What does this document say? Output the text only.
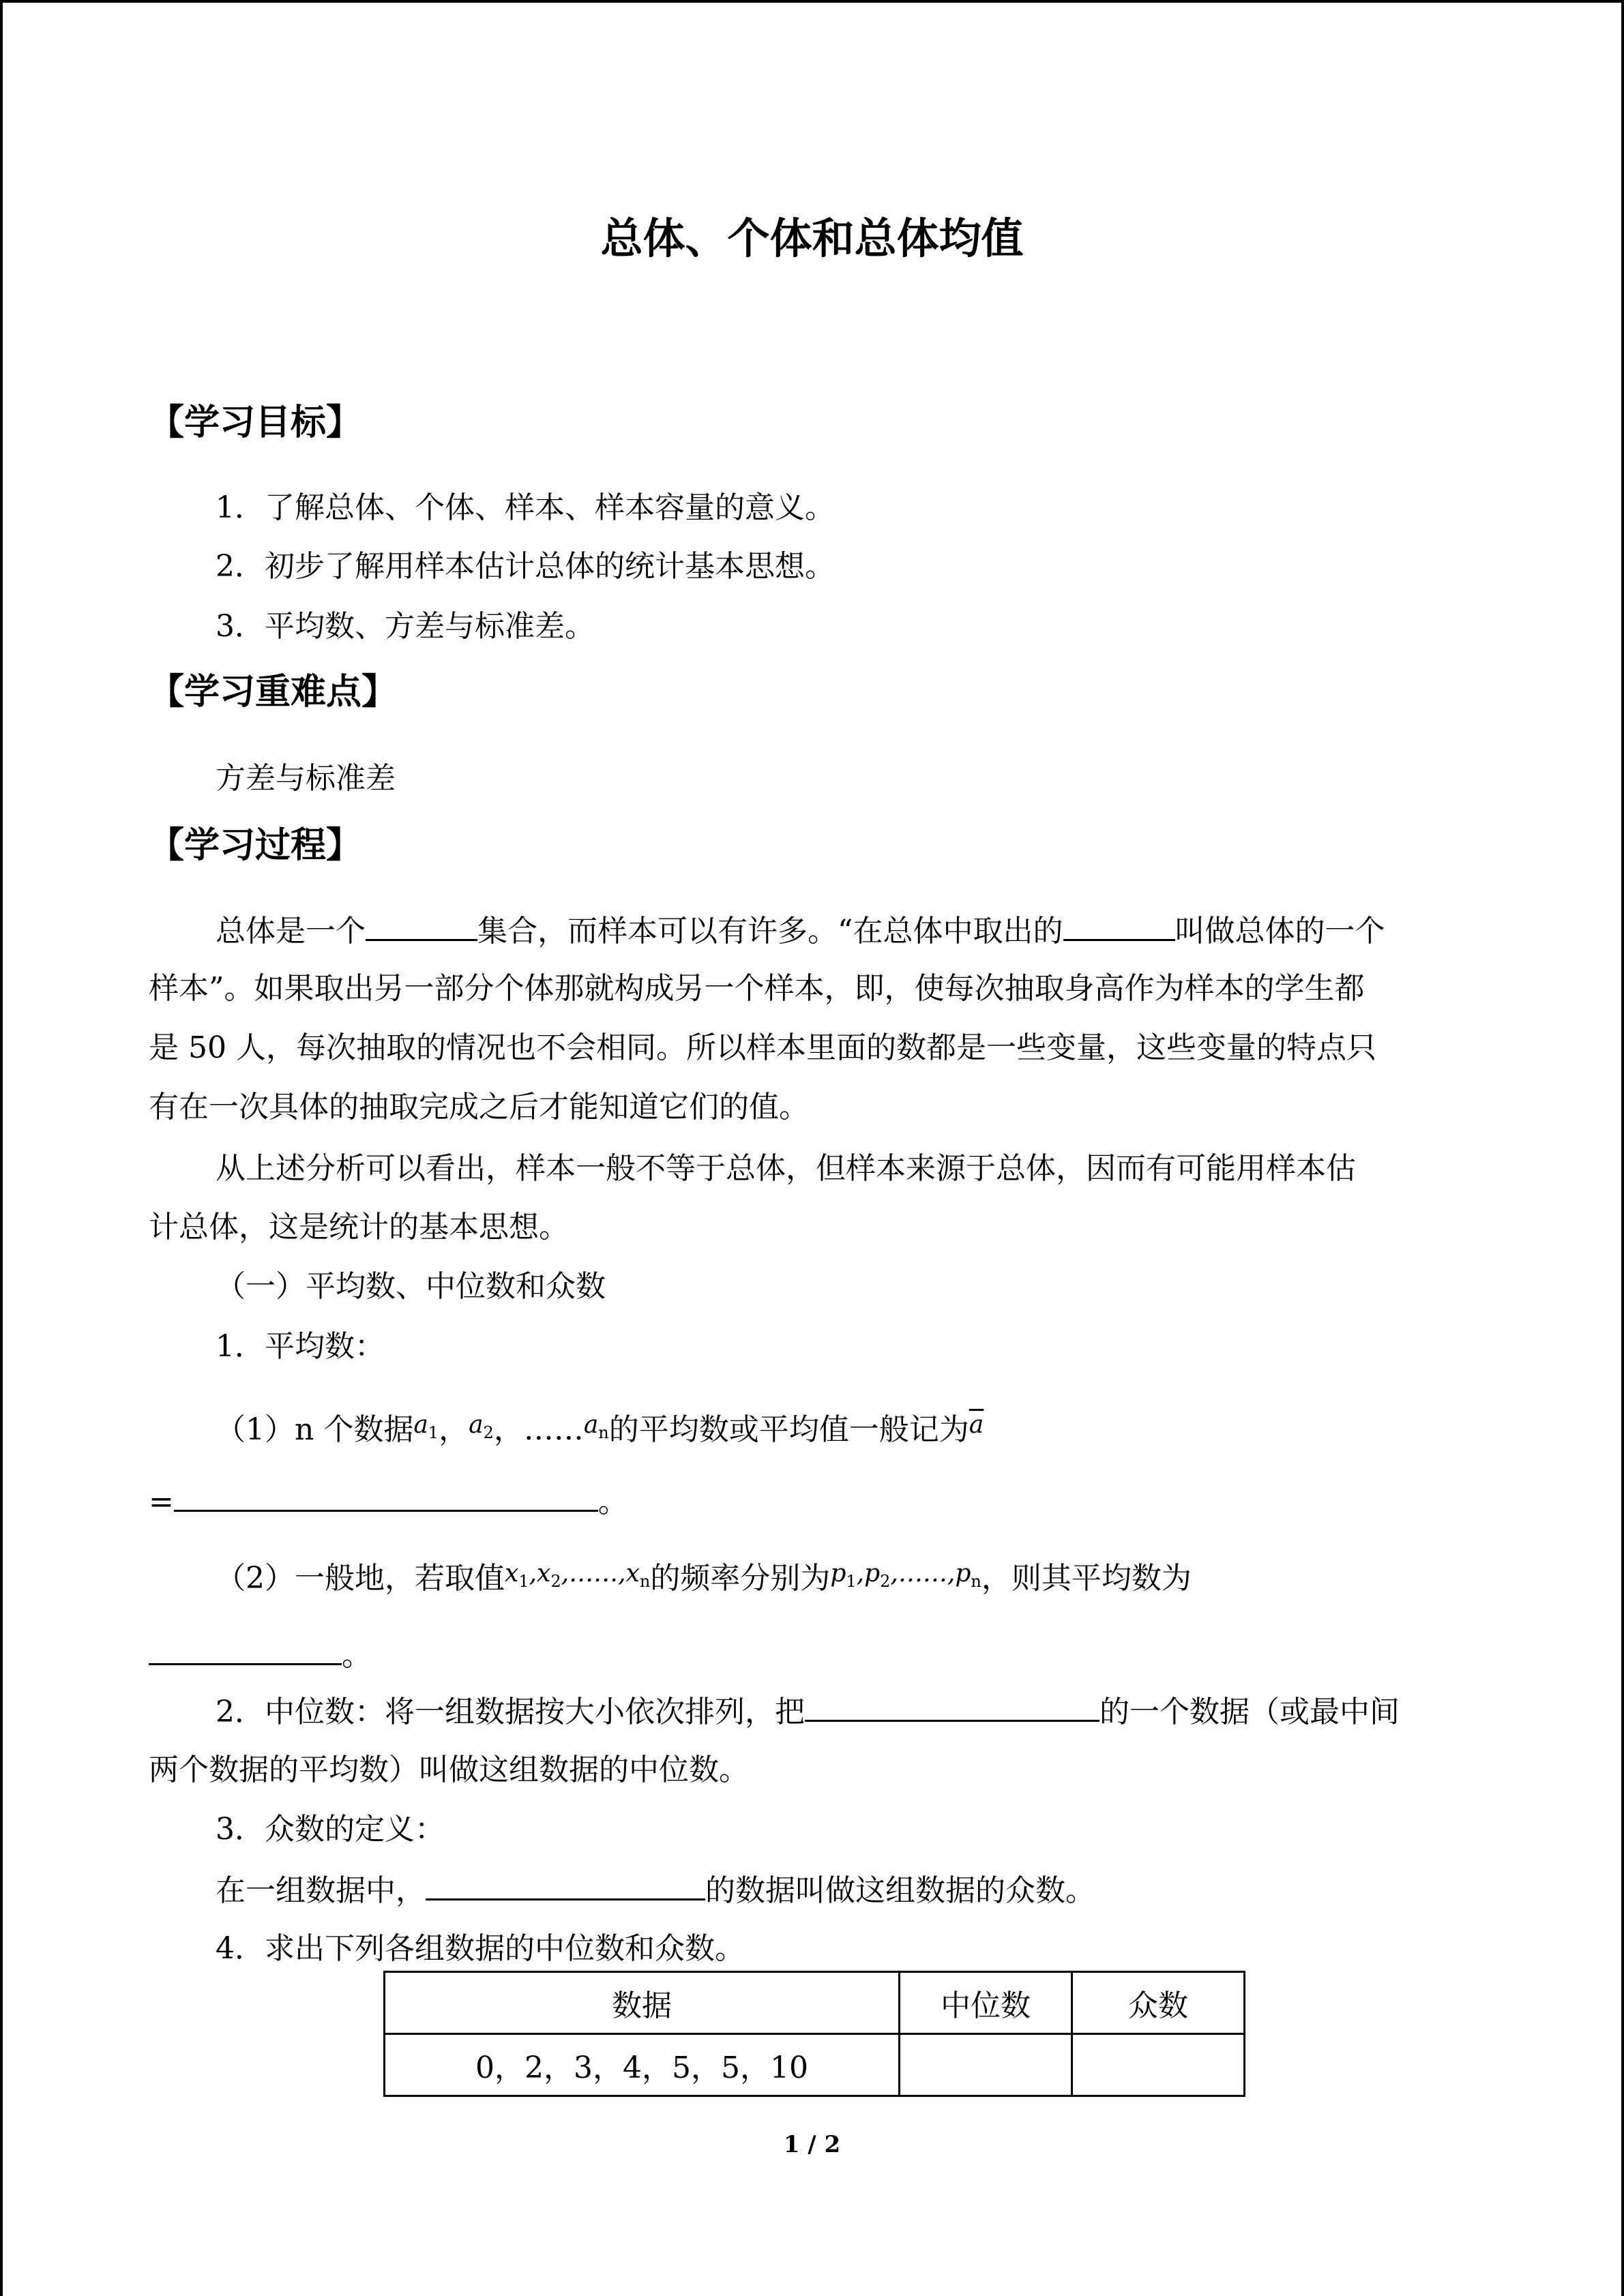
总体、个体和总体均值
【学习目标】
1．了解总体、个体、样本、样本容量的意义。
2．初步了解用样本估计总体的统计基本思想。
3．平均数、方差与标准差。
【学习重难点】
方差与标准差
【学习过程】
总体是一个	集合，而样本可以有许多。“在总体中取出的	叫做总体的一个
样本”。如果取出另一部分个体那就构成另一个样本，即，使每次抽取身高作为样本的学生都
是 50 人，每次抽取的情况也不会相同。所以样本里面的数都是一些变量，这些变量的特点只
有在一次具体的抽取完成之后才能知道它们的值。
从上述分析可以看出，样本一般不等于总体，但样本来源于总体，因而有可能用样本估
计总体，这是统计的基本思想。
（一）平均数、中位数和众数
1．平均数：
（1）n 个数据$^{a_1}$，$^{a_2}$，……$^{a_n}$的平均数或平均值一般记为$^{\overline{a}}$
=	。
（2）一般地，若取值$^{x_1,x_2,\dots\dots,x_n}$的频率分别为$^{p_1,p_2,\dots\dots,p_n}$，则其平均数为
。
2．中位数：将一组数据按大小依次排列，把	的一个数据（或最中间
两个数据的平均数）叫做这组数据的中位数。
3．众数的定义：
在一组数据中，	的数据叫做这组数据的众数。
4．求出下列各组数据的中位数和众数。
数据	中位数	众数
0，2，3，4，5，5，10		
1 / 2
